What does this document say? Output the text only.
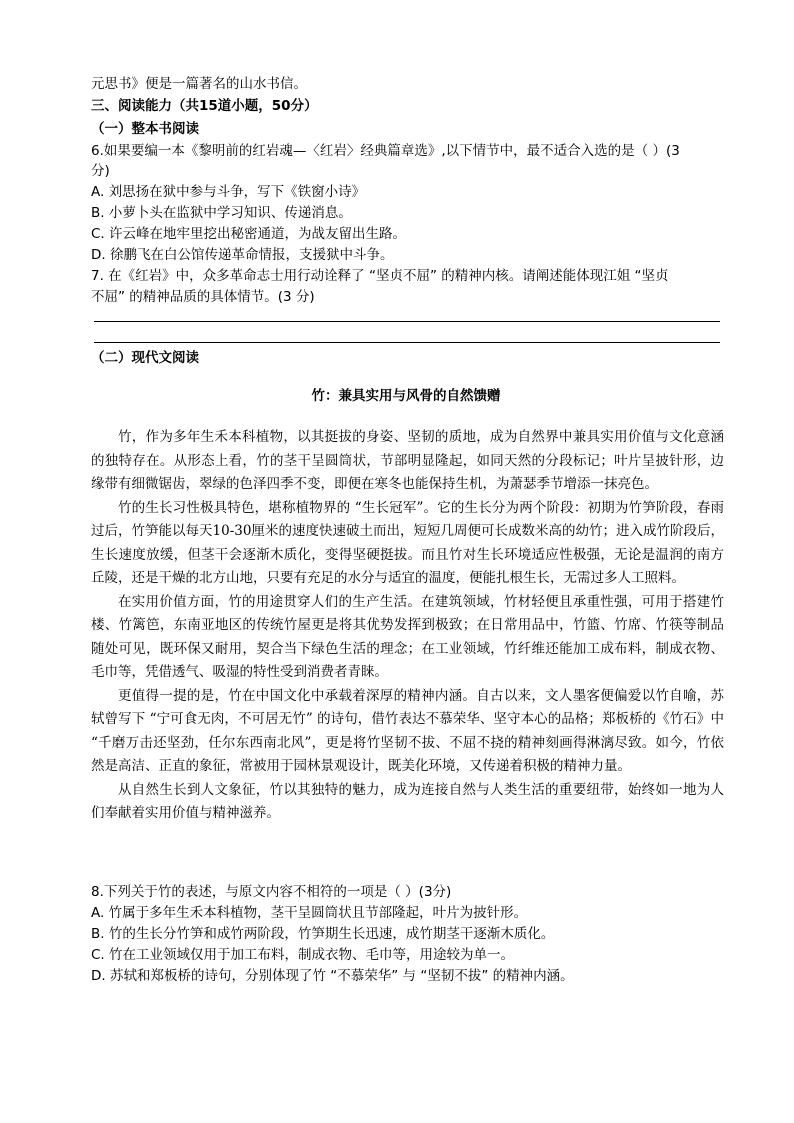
元思书》便是一篇著名的山水书信。
三、阅读能力（共15道小题，50分）
（一）整本书阅读
6.如果要编一本《黎明前的红岩魂—〈红岩〉经典篇章选》,以下情节中，最不适合入选的是（ ）(3
分)
A. 刘思扬在狱中参与斗争，写下《铁窗小诗》
B. 小萝卜头在监狱中学习知识、传递消息。
C. 许云峰在地牢里挖出秘密通道，为战友留出生路。
D. 徐鹏飞在白公馆传递革命情报，支援狱中斗争。
7. 在《红岩》中，众多革命志士用行动诠释了 “坚贞不屈” 的精神内核。请阐述能体现江姐 “坚贞
不屈” 的精神品质的具体情节。(3 分)
（二）现代文阅读
竹：兼具实用与风骨的自然馈赠

竹，作为多年生禾本科植物，以其挺拔的身姿、坚韧的质地，成为自然界中兼具实用价值与文化意涵的独特存在。从形态上看，竹的茎干呈圆筒状，节部明显隆起，如同天然的分段标记；叶片呈披针形，边缘带有细微锯齿，翠绿的色泽四季不变，即便在寒冬也能保持生机，为萧瑟季节增添一抹亮色。

竹的生长习性极具特色，堪称植物界的 “生长冠军”。它的生长分为两个阶段：初期为竹笋阶段，春雨过后，竹笋能以每天10-30厘米的速度快速破土而出，短短几周便可长成数米高的幼竹；进入成竹阶段后，生长速度放缓，但茎干会逐渐木质化，变得坚硬挺拔。而且竹对生长环境适应性极强，无论是温润的南方丘陵，还是干燥的北方山地，只要有充足的水分与适宜的温度，便能扎根生长，无需过多人工照料。

在实用价值方面，竹的用途贯穿人们的生产生活。在建筑领域，竹材轻便且承重性强，可用于搭建竹楼、竹篱笆，东南亚地区的传统竹屋更是将其优势发挥到极致；在日常用品中，竹篮、竹席、竹筷等制品随处可见，既环保又耐用，契合当下绿色生活的理念；在工业领域，竹纤维还能加工成布料，制成衣物、毛巾等，凭借透气、吸湿的特性受到消费者青睐。

更值得一提的是，竹在中国文化中承载着深厚的精神内涵。自古以来，文人墨客便偏爱以竹自喻，苏轼曾写下 “宁可食无肉，不可居无竹” 的诗句，借竹表达不慕荣华、坚守本心的品格；郑板桥的《竹石》中 “千磨万击还坚劲，任尔东西南北风”，更是将竹坚韧不拔、不屈不挠的精神刻画得淋漓尽致。如今，竹依然是高洁、正直的象征，常被用于园林景观设计，既美化环境，又传递着积极的精神力量。

从自然生长到人文象征，竹以其独特的魅力，成为连接自然与人类生活的重要纽带，始终如一地为人们奉献着实用价值与精神滋养。

8.下列关于竹的表述，与原文内容不相符的一项是（ ）(3分)
A. 竹属于多年生禾本科植物，茎干呈圆筒状且节部隆起，叶片为披针形。
B. 竹的生长分竹笋和成竹两阶段，竹笋期生长迅速，成竹期茎干逐渐木质化。
C. 竹在工业领域仅用于加工布料，制成衣物、毛巾等，用途较为单一。
D. 苏轼和郑板桥的诗句，分别体现了竹 “不慕荣华” 与 “坚韧不拔” 的精神内涵。
